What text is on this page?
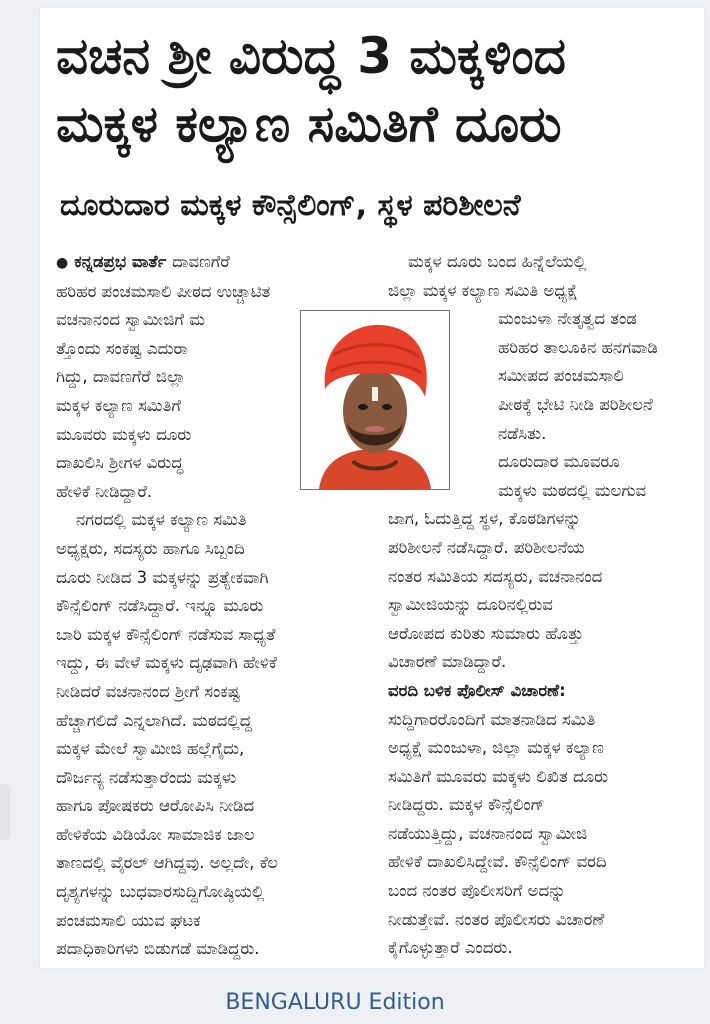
ವಚನ ಶ್ರೀ ವಿರುದ್ಧ 3 ಮಕ್ಕಳಿಂದ
ಮಕ್ಕಳ ಕಲ್ಯಾಣ ಸಮಿತಿಗೆ ದೂರು
ದೂರುದಾರ ಮಕ್ಕಳ ಕೌನ್ಸೆಲಿಂಗ್, ಸ್ಥಳ ಪರಿಶೀಲನೆ
● ಕನ್ನಡಪ್ರಭ ವಾರ್ತೆ ದಾವಣಗೆರೆ
ಹರಿಹರ ಪಂಚಮಸಾಲಿ ಪೀಠದ ಉಚ್ಚಾಟಿತ
ವಚನಾನಂದ ಸ್ವಾಮೀಜಿಗೆ ಮ
ತ್ತೊಂದು ಸಂಕಷ್ಟ ಎದುರಾ
ಗಿದ್ದು, ದಾವಣಗೆರೆ ಜಿಲ್ಲಾ
ಮಕ್ಕಳ ಕಲ್ಯಾಣ ಸಮಿತಿಗೆ
ಮೂವರು ಮಕ್ಕಳು ದೂರು
ದಾಖಲಿಸಿ ಶ್ರೀಗಳ ವಿರುದ್ಧ
ಹೇಳಿಕೆ ನೀಡಿದ್ದಾರೆ.
ನಗರದಲ್ಲಿ ಮಕ್ಕಳ ಕಲ್ಯಾಣ ಸಮಿತಿ
ಅಧ್ಯಕ್ಷರು, ಸದಸ್ಯರು ಹಾಗೂ ಸಿಬ್ಬಂದಿ
ದೂರು ನೀಡಿದ 3 ಮಕ್ಕಳನ್ನು ಪ್ರತ್ಯೇಕವಾಗಿ
ಕೌನ್ಸೆಲಿಂಗ್ ನಡೆಸಿದ್ದಾರೆ. ಇನ್ನೂ ಮೂರು
ಬಾರಿ ಮಕ್ಕಳ ಕೌನ್ಸೆಲಿಂಗ್ ನಡೆಸುವ ಸಾಧ್ಯತೆ
ಇದ್ದು, ಈ ವೇಳೆ ಮಕ್ಕಳು ದೃಢವಾಗಿ ಹೇಳಿಕೆ
ನೀಡಿದರೆ ವಚನಾನಂದ ಶ್ರೀಗೆ ಸಂಕಷ್ಟ
ಹೆಚ್ಚಾಗಲಿದೆ ಎನ್ನಲಾಗಿದೆ. ಮಠದಲ್ಲಿದ್ದ
ಮಕ್ಕಳ ಮೇಲೆ ಸ್ವಾಮೀಜಿ ಹಲ್ಲೆಗೈದು,
ದೌರ್ಜನ್ಯ ನಡೆಸುತ್ತಾರೆಂದು ಮಕ್ಕಳು
ಹಾಗೂ ಪೋಷಕರು ಆರೋಪಿಸಿ ನೀಡಿದ
ಹೇಳಿಕೆಯ ವಿಡಿಯೋ ಸಾಮಾಜಿಕ ಜಾಲ
ತಾಣದಲ್ಲಿ ವೈರಲ್ ಆಗಿದ್ದವು. ಅಲ್ಲದೇ, ಕೆಲ
ದೃಶ್ಯಗಳನ್ನು ಬುಧವಾರಸುದ್ದಿಗೋಷ್ಠಿಯಲ್ಲಿ
ಪಂಚಮಸಾಲಿ ಯುವ ಘಟಕ
ಪದಾಧಿಕಾರಿಗಳು ಬಿಡುಗಡೆ ಮಾಡಿದ್ದರು.
ಮಕ್ಕಳ ದೂರು ಬಂದ ಹಿನ್ನೆಲೆಯಲ್ಲಿ
ಜಿಲ್ಲಾ ಮಕ್ಕಳ ಕಲ್ಯಾಣ ಸಮಿತಿ ಅಧ್ಯಕ್ಷೆ
ಮಂಜುಳಾ ನೇತೃತ್ವದ ತಂಡ
ಹರಿಹರ ತಾಲೂಕಿನ ಹನಗವಾಡಿ
ಸಮೀಪದ ಪಂಚಮಸಾಲಿ
ಪೀಠಕ್ಕೆ ಭೇಟಿ ನೀಡಿ ಪರಿಶೀಲನೆ
ನಡೆಸಿತು.
ದೂರುದಾರ ಮೂವರೂ
ಮಕ್ಕಳು ಮಠದಲ್ಲಿ ಮಲಗುವ
ಜಾಗ, ಓದುತ್ತಿದ್ದ ಸ್ಥಳ, ಕೊಠಡಿಗಳನ್ನು
ಪರಿಶೀಲನೆ ನಡೆಸಿದ್ದಾರೆ. ಪರಿಶೀಲನೆಯ
ನಂತರ ಸಮಿತಿಯ ಸದಸ್ಯರು, ವಚನಾನಂದ
ಸ್ವಾಮೀಜಿಯನ್ನು ದೂರಿನಲ್ಲಿರುವ
ಆರೋಪದ ಕುರಿತು ಸುಮಾರು ಹೊತ್ತು
ವಿಚಾರಣೆ ಮಾಡಿದ್ದಾರೆ.
ವರದಿ ಬಳಿಕ ಪೊಲೀಸ್ ವಿಚಾರಣೆ:
ಸುದ್ದಿಗಾರರೊಂದಿಗೆ ಮಾತನಾಡಿದ ಸಮಿತಿ
ಅಧ್ಯಕ್ಷೆ ಮಂಜುಳಾ, ಜಿಲ್ಲಾ ಮಕ್ಕಳ ಕಲ್ಯಾಣ
ಸಮಿತಿಗೆ ಮೂವರು ಮಕ್ಕಳು ಲಿಖಿತ ದೂರು
ನೀಡಿದ್ದರು. ಮಕ್ಕಳ ಕೌನ್ಸೆಲಿಂಗ್
ನಡೆಯುತ್ತಿದ್ದು, ವಚನಾನಂದ ಸ್ವಾಮೀಜಿ
ಹೇಳಿಕೆ ದಾಖಲಿಸಿದ್ದೇವೆ. ಕೌನ್ಸೆಲಿಂಗ್ ವರದಿ
ಬಂದ ನಂತರ ಪೊಲೀಸರಿಗೆ ಅದನ್ನು
ನೀಡುತ್ತೇವೆ. ನಂತರ ಪೊಲೀಸರು ವಿಚಾರಣೆ
ಕೈಗೊಳ್ಳುತ್ತಾರೆ ಎಂದರು.
BENGALURU Edition
